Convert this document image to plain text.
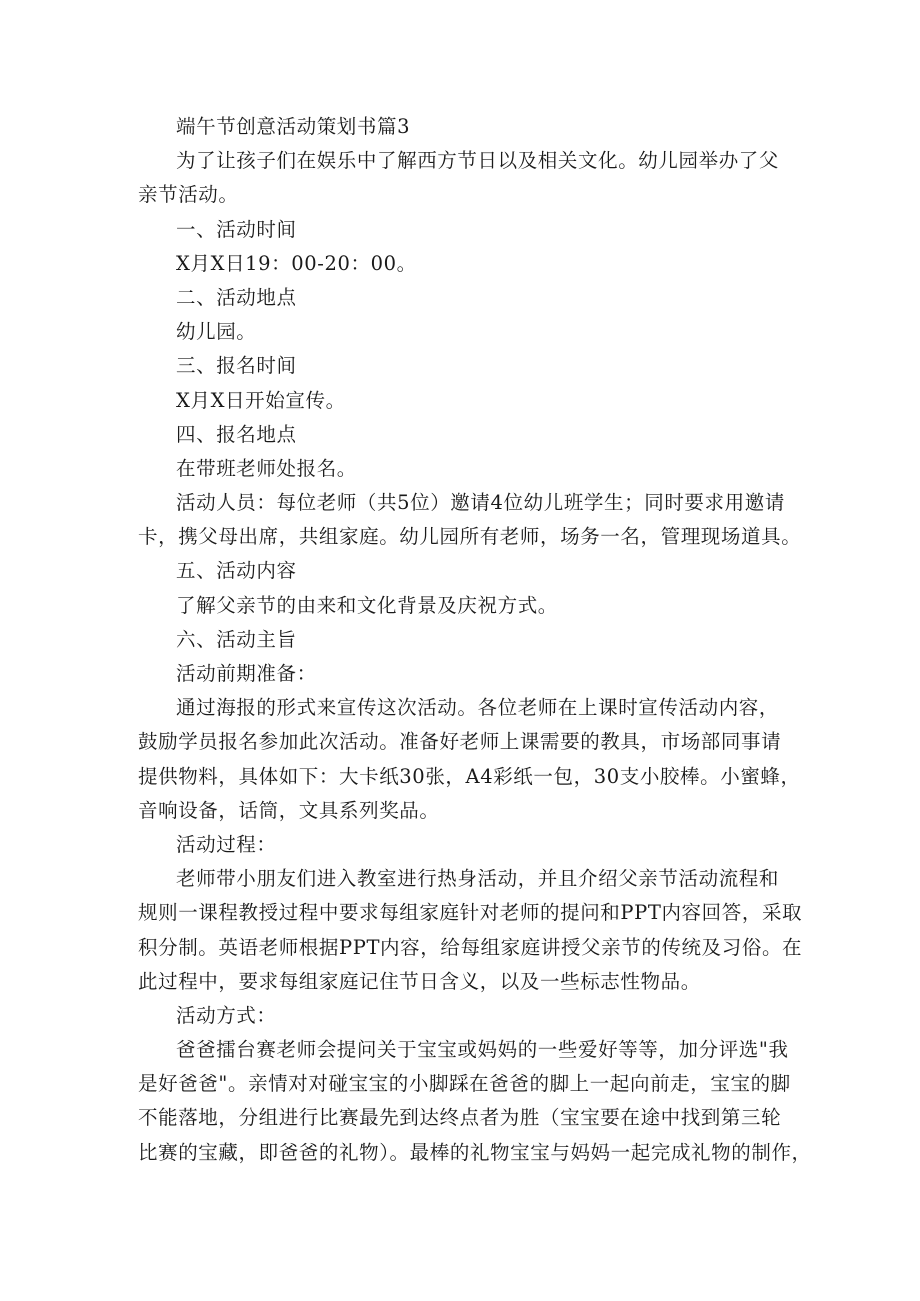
端午节创意活动策划书篇3

为了让孩子们在娱乐中了解西方节日以及相关文化。幼儿园举办了父

亲节活动。

一、活动时间

X月X日19：00-20：00。

二、活动地点

幼儿园。

三、报名时间

X月X日开始宣传。

四、报名地点

在带班老师处报名。

活动人员：每位老师（共5位）邀请4位幼儿班学生；同时要求用邀请

卡，携父母出席，共组家庭。幼儿园所有老师，场务一名，管理现场道具。

五、活动内容

了解父亲节的由来和文化背景及庆祝方式。

六、活动主旨

活动前期准备：

通过海报的形式来宣传这次活动。各位老师在上课时宣传活动内容，

鼓励学员报名参加此次活动。准备好老师上课需要的教具，市场部同事请

提供物料，具体如下：大卡纸30张，A4彩纸一包，30支小胶棒。小蜜蜂，

音响设备，话筒，文具系列奖品。

活动过程：

老师带小朋友们进入教室进行热身活动，并且介绍父亲节活动流程和

规则一课程教授过程中要求每组家庭针对老师的提问和PPT内容回答，采取

积分制。英语老师根据PPT内容，给每组家庭讲授父亲节的传统及习俗。在

此过程中，要求每组家庭记住节日含义，以及一些标志性物品。

活动方式：

爸爸擂台赛老师会提问关于宝宝或妈妈的一些爱好等等，加分评选"我

是好爸爸"。亲情对对碰宝宝的小脚踩在爸爸的脚上一起向前走，宝宝的脚

不能落地，分组进行比赛最先到达终点者为胜（宝宝要在途中找到第三轮

比赛的宝藏，即爸爸的礼物）。最棒的礼物宝宝与妈妈一起完成礼物的制作，
